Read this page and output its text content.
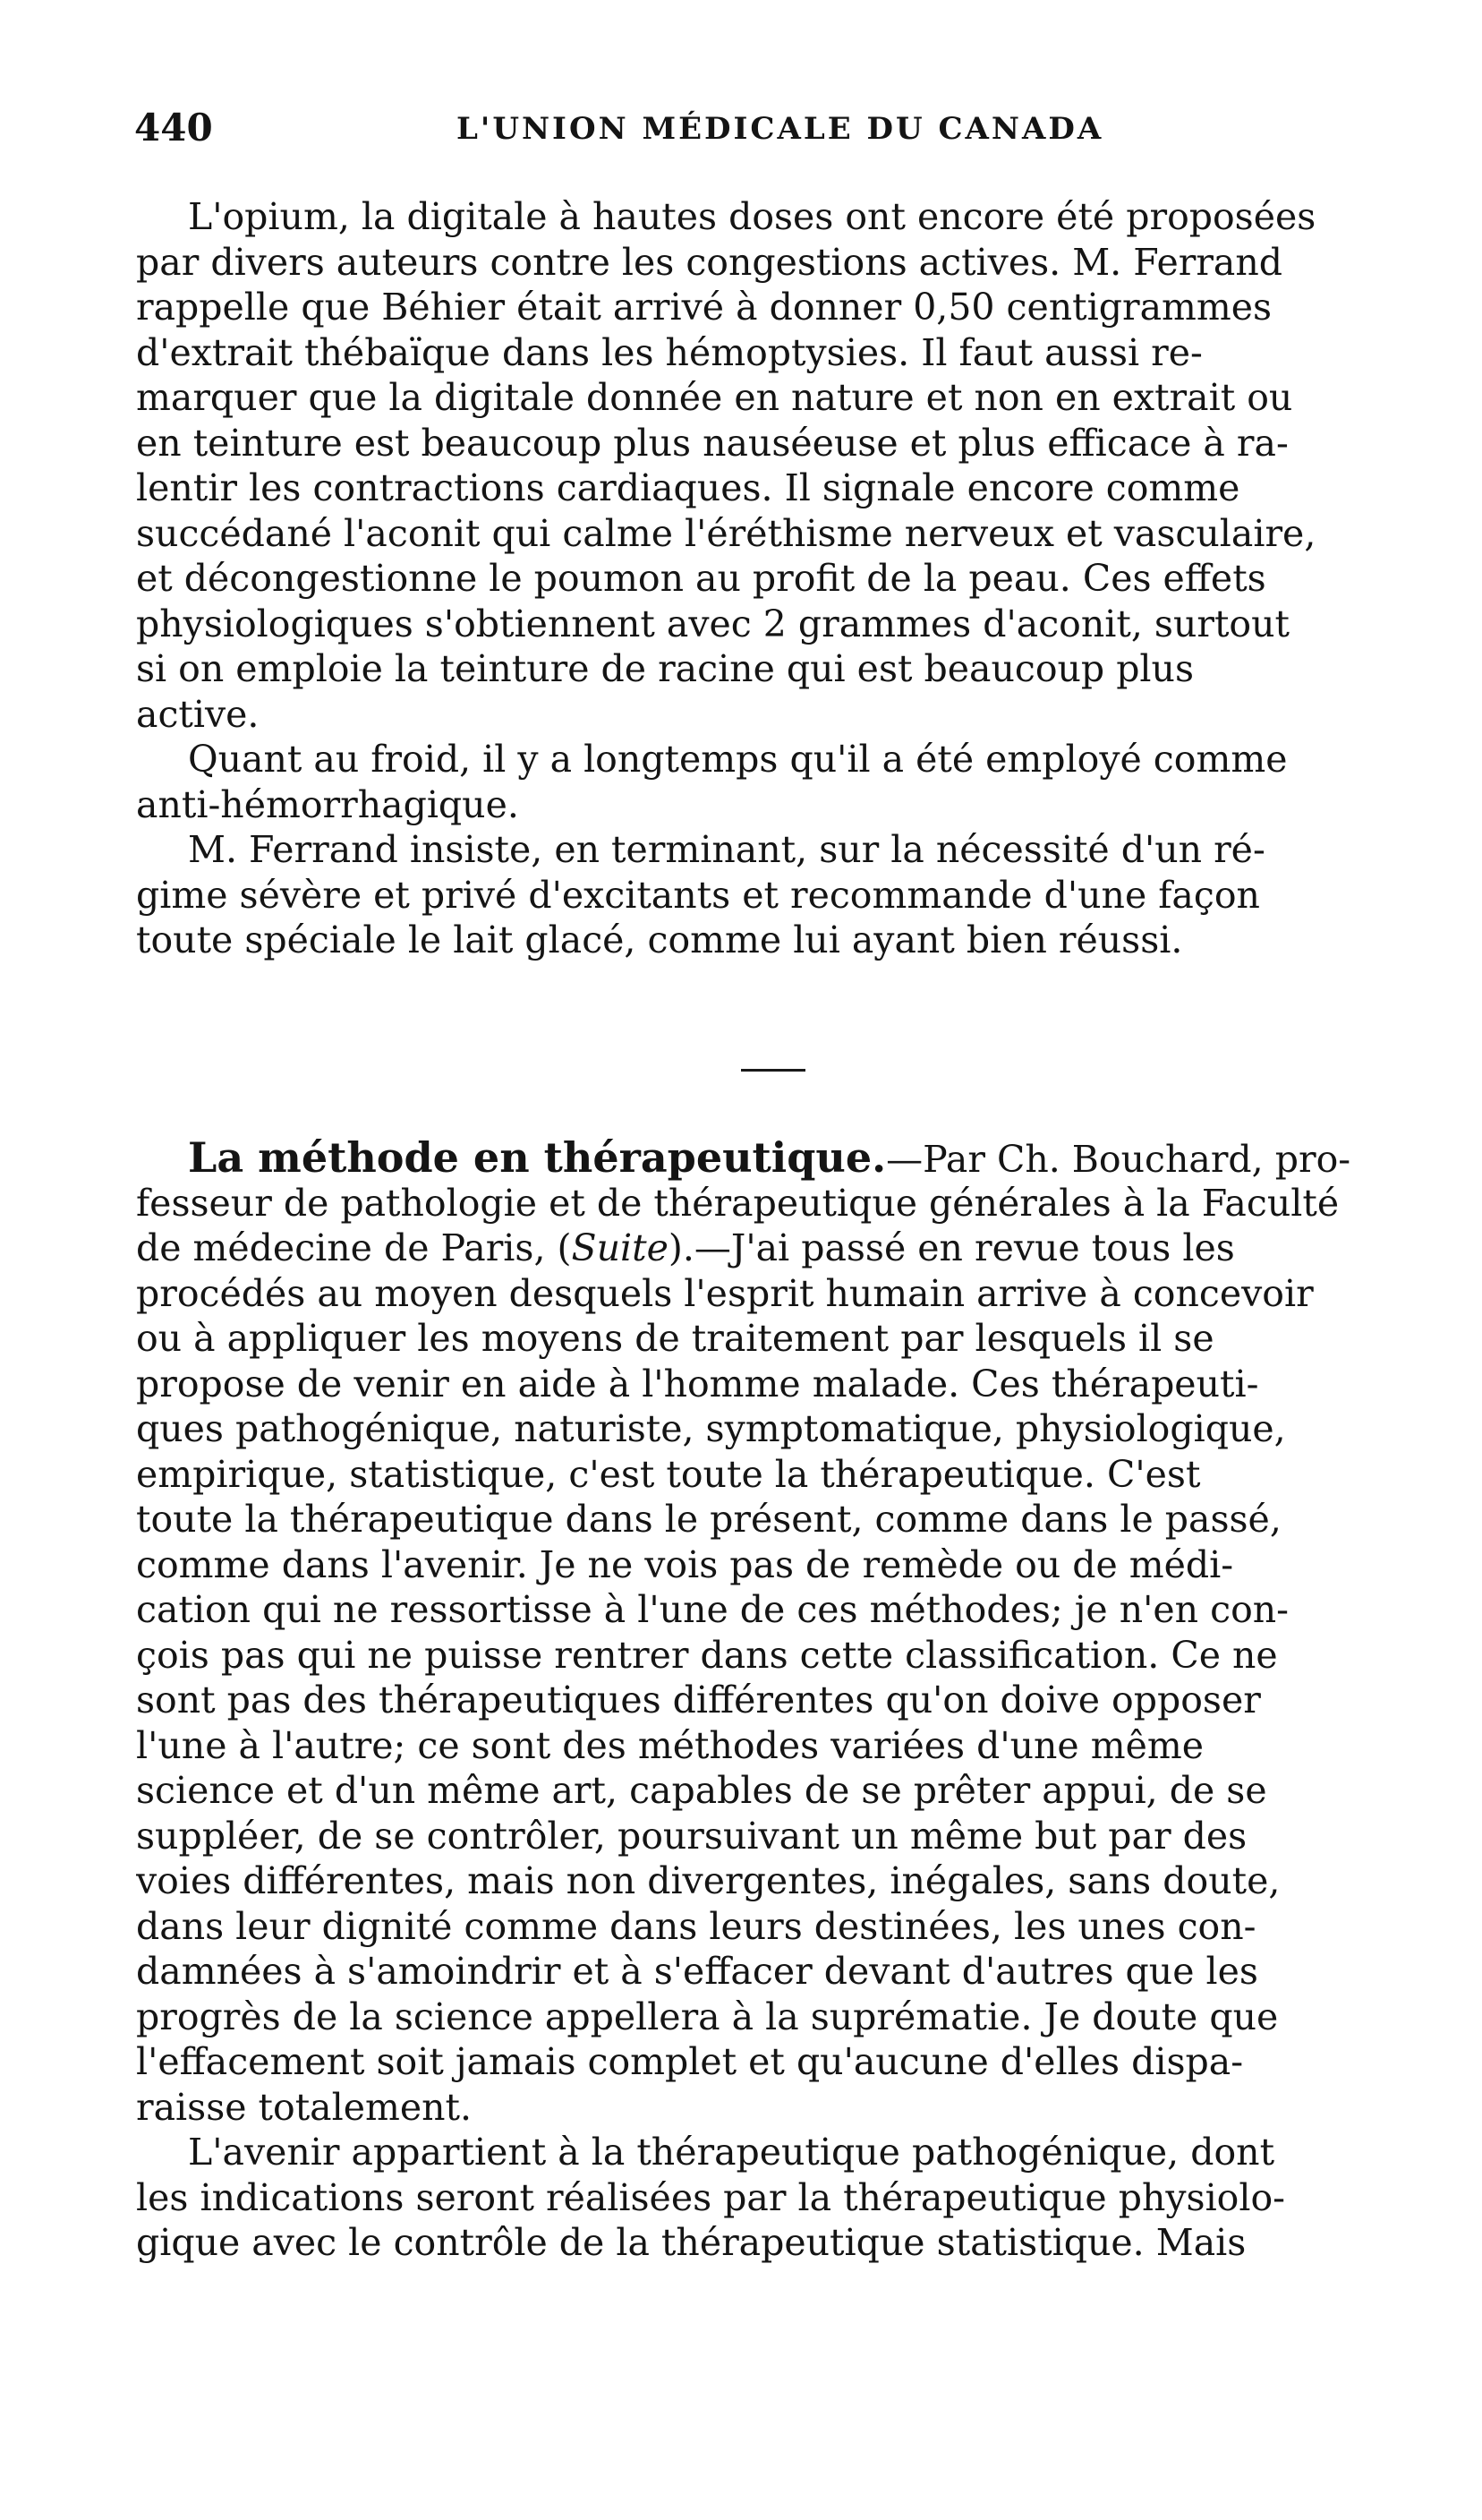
440	L'UNION MÉDICALE DU CANADA
L'opium, la digitale à hautes doses ont encore été proposées
par divers auteurs contre les congestions actives. M. Ferrand
rappelle que Béhier était arrivé à donner 0,50 centigrammes
d'extrait thébaïque dans les hémoptysies. Il faut aussi re-
marquer que la digitale donnée en nature et non en extrait ou
en teinture est beaucoup plus nauséeuse et plus efficace à ra-
lentir les contractions cardiaques. Il signale encore comme
succédané l'aconit qui calme l'éréthisme nerveux et vasculaire,
et décongestionne le poumon au profit de la peau. Ces effets
physiologiques s'obtiennent avec 2 grammes d'aconit, surtout
si on emploie la teinture de racine qui est beaucoup plus
active.
Quant au froid, il y a longtemps qu'il a été employé comme
anti-hémorrhagique.
M. Ferrand insiste, en terminant, sur la nécessité d'un ré-
gime sévère et privé d'excitants et recommande d'une façon
toute spéciale le lait glacé, comme lui ayant bien réussi.
La méthode en thérapeutique.—Par Ch. Bouchard, pro-
fesseur de pathologie et de thérapeutique générales à la Faculté
de médecine de Paris, (Suite).—J'ai passé en revue tous les
procédés au moyen desquels l'esprit humain arrive à concevoir
ou à appliquer les moyens de traitement par lesquels il se
propose de venir en aide à l'homme malade. Ces thérapeuti-
ques pathogénique, naturiste, symptomatique, physiologique,
empirique, statistique, c'est toute la thérapeutique. C'est
toute la thérapeutique dans le présent, comme dans le passé,
comme dans l'avenir. Je ne vois pas de remède ou de médi-
cation qui ne ressortisse à l'une de ces méthodes; je n'en con-
çois pas qui ne puisse rentrer dans cette classification. Ce ne
sont pas des thérapeutiques différentes qu'on doive opposer
l'une à l'autre; ce sont des méthodes variées d'une même
science et d'un même art, capables de se prêter appui, de se
suppléer, de se contrôler, poursuivant un même but par des
voies différentes, mais non divergentes, inégales, sans doute,
dans leur dignité comme dans leurs destinées, les unes con-
damnées à s'amoindrir et à s'effacer devant d'autres que les
progrès de la science appellera à la suprématie. Je doute que
l'effacement soit jamais complet et qu'aucune d'elles dispa-
raisse totalement.
L'avenir appartient à la thérapeutique pathogénique, dont
les indications seront réalisées par la thérapeutique physiolo-
gique avec le contrôle de la thérapeutique statistique. Mais
